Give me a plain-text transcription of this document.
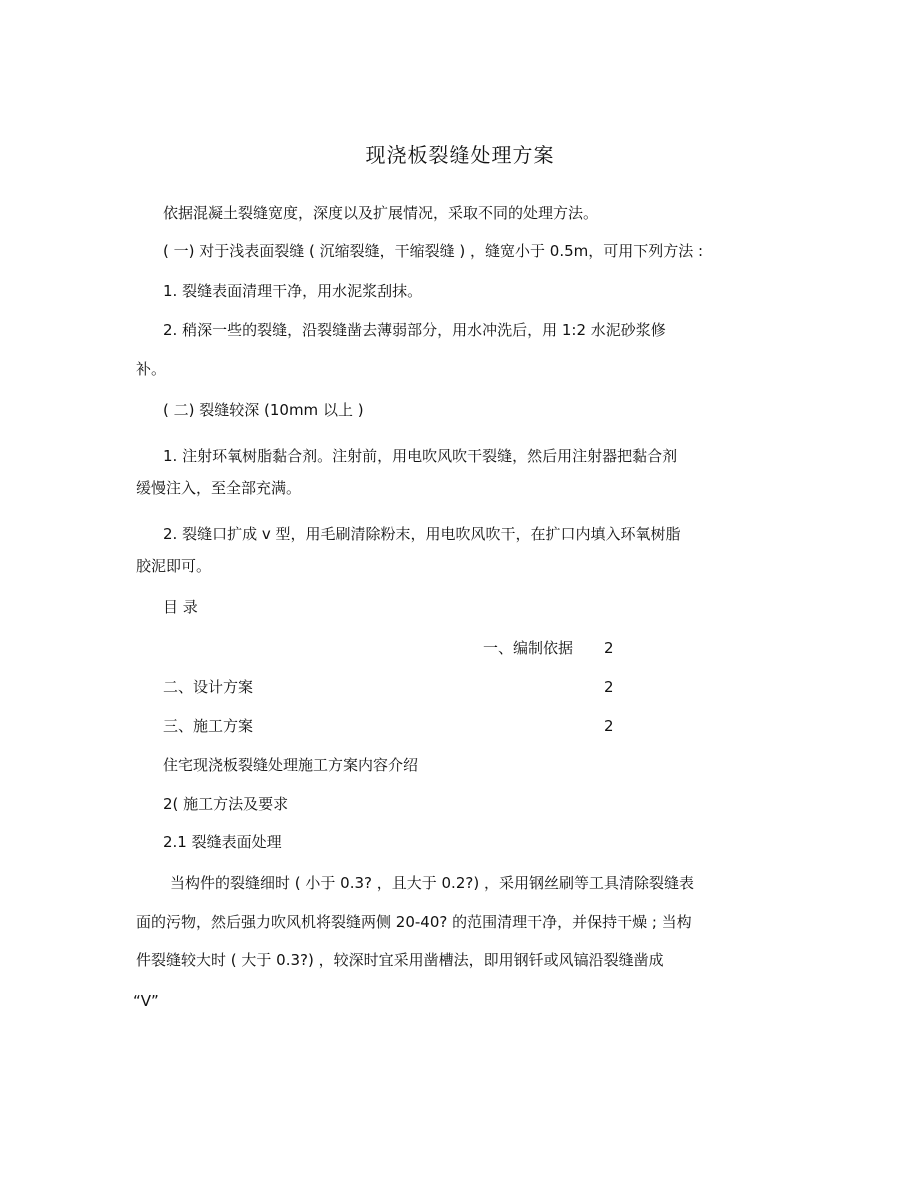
现浇板裂缝处理方案
依据混凝土裂缝宽度，深度以及扩展情况，采取不同的处理方法。
( 一) 对于浅表面裂缝 ( 沉缩裂缝，干缩裂缝 ) ，缝宽小于 0.5m，可用下列方法 :
1. 裂缝表面清理干净，用水泥浆刮抹。
2. 稍深一些的裂缝，沿裂缝凿去薄弱部分，用水冲洗后，用 1:2 水泥砂浆修
补。
( 二) 裂缝较深 (10mm 以上 )
1. 注射环氧树脂黏合剂。注射前，用电吹风吹干裂缝，然后用注射器把黏合剂
缓慢注入，至全部充满。
2. 裂缝口扩成 v 型，用毛刷清除粉末，用电吹风吹干，在扩口内填入环氧树脂
胶泥即可。
目 录
一、编制依据 2
二、设计方案	2
三、施工方案	2
住宅现浇板裂缝处理施工方案内容介绍
2( 施工方法及要求
2.1 裂缝表面处理
当构件的裂缝细时 ( 小于 0.3? ，且大于 0.2?) ，采用钢丝刷等工具清除裂缝表
面的污物，然后强力吹风机将裂缝两侧 20-40? 的范围清理干净，并保持干燥 ; 当构
件裂缝较大时 ( 大于 0.3?) ，较深时宜采用凿槽法，即用钢钎或风镐沿裂缝凿成
“V”
